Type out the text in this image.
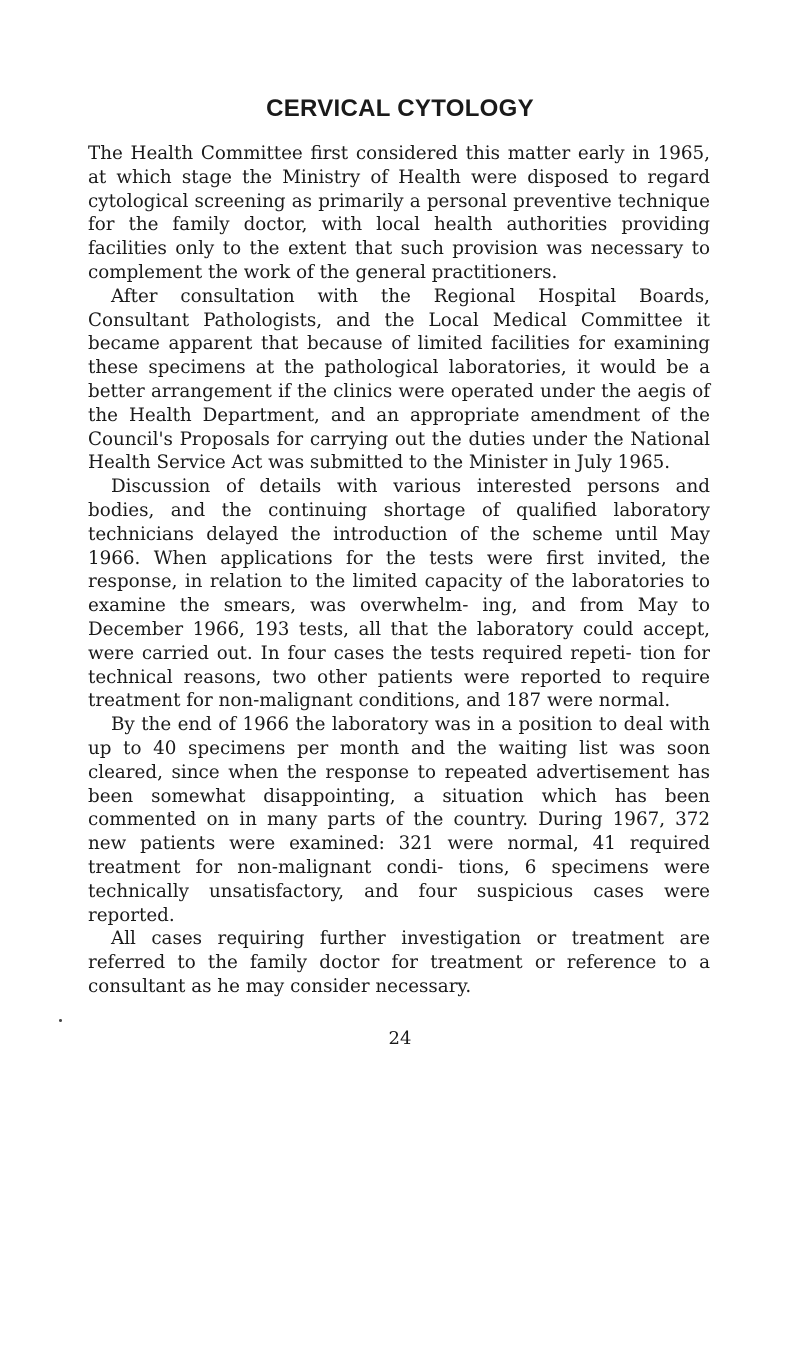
CERVICAL CYTOLOGY

The Health Committee first considered this matter early in 1965, at which stage the Ministry of Health were disposed to regard cytological screening as primarily a personal preventive technique for the family doctor, with local health authorities providing facilities only to the extent that such provision was necessary to complement the work of the general practitioners.

After consultation with the Regional Hospital Boards, Consultant Pathologists, and the Local Medical Committee it became apparent that because of limited facilities for examining these specimens at the pathological laboratories, it would be a better arrangement if the clinics were operated under the aegis of the Health Department, and an appropriate amendment of the Council's Proposals for carrying out the duties under the National Health Service Act was submitted to the Minister in July 1965.

Discussion of details with various interested persons and bodies, and the continuing shortage of qualified laboratory technicians delayed the introduction of the scheme until May 1966. When applications for the tests were first invited, the response, in relation to the limited capacity of the laboratories to examine the smears, was overwhelm- ing, and from May to December 1966, 193 tests, all that the laboratory could accept, were carried out. In four cases the tests required repeti- tion for technical reasons, two other patients were reported to require treatment for non-malignant conditions, and 187 were normal.

By the end of 1966 the laboratory was in a position to deal with up to 40 specimens per month and the waiting list was soon cleared, since when the response to repeated advertisement has been somewhat disappointing, a situation which has been commented on in many parts of the country. During 1967, 372 new patients were examined: 321 were normal, 41 required treatment for non-malignant condi- tions, 6 specimens were technically unsatisfactory, and four suspicious cases were reported.

All cases requiring further investigation or treatment are referred to the family doctor for treatment or reference to a consultant as he may consider necessary.

24
